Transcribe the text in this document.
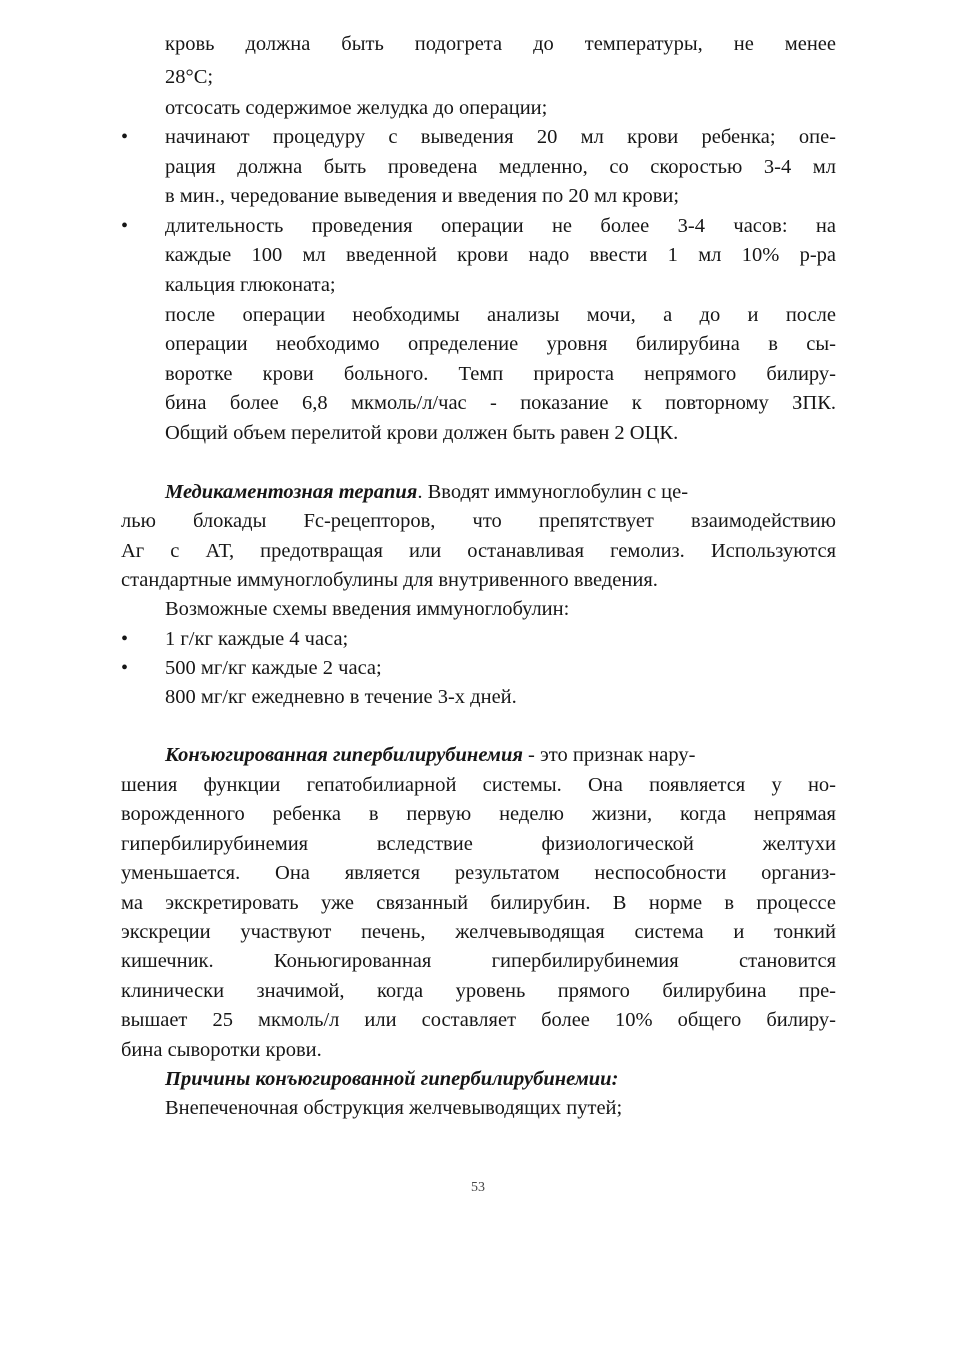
кровь должна быть подогрета до температуры, не менее
28°С;
отсосать содержимое желудка до операции;
• начинают процедуру с выведения 20 мл крови ребенка; опе-
рация должна быть проведена медленно, со скоростью 3-4 мл
в мин., чередование выведения и введения по 20 мл крови;
• длительность проведения операции не более 3-4 часов: на
каждые 100 мл введенной крови надо ввести 1 мл 10% р-ра
кальция глюконата;
после операции необходимы анализы мочи, а до и после
операции необходимо определение уровня билирубина в сы-
воротке крови больного. Темп прироста непрямого билиру-
бина более 6,8 мкмоль/л/час - показание к повторному ЗПК.
Общий объем перелитой крови должен быть равен 2 ОЦК.
Медикаментозная терапия. Вводят иммуноглобулин с це-
лью блокады Fc-рецепторов, что препятствует взаимодействию
Аг с АТ, предотвращая или останавливая гемолиз. Используются
стандартные иммуноглобулины для внутривенного введения.
Возможные схемы введения иммуноглобулин:
• 1 г/кг каждые 4 часа;
• 500 мг/кг каждые 2 часа;
800 мг/кг ежедневно в течение 3-х дней.
Конъюгированная гипербилирубинемия - это признак нару-
шения функции гепатобилиарной системы. Она появляется у но-
ворожденного ребенка в первую неделю жизни, когда непрямая
гипербилирубинемия вследствие физиологической желтухи
уменьшается. Она является результатом неспособности организ-
ма экскретировать уже связанный билирубин. В норме в процессе
экскреции участвуют печень, желчевыводящая система и тонкий
кишечник. Коньюгированная гипербилирубинемия становится
клинически значимой, когда уровень прямого билирубина пре-
вышает 25 мкмоль/л или составляет более 10% общего билиру-
бина сыворотки крови.
Причины конъюгированной гипербилирубинемии:
Внепеченочная обструкция желчевыводящих путей;
53
